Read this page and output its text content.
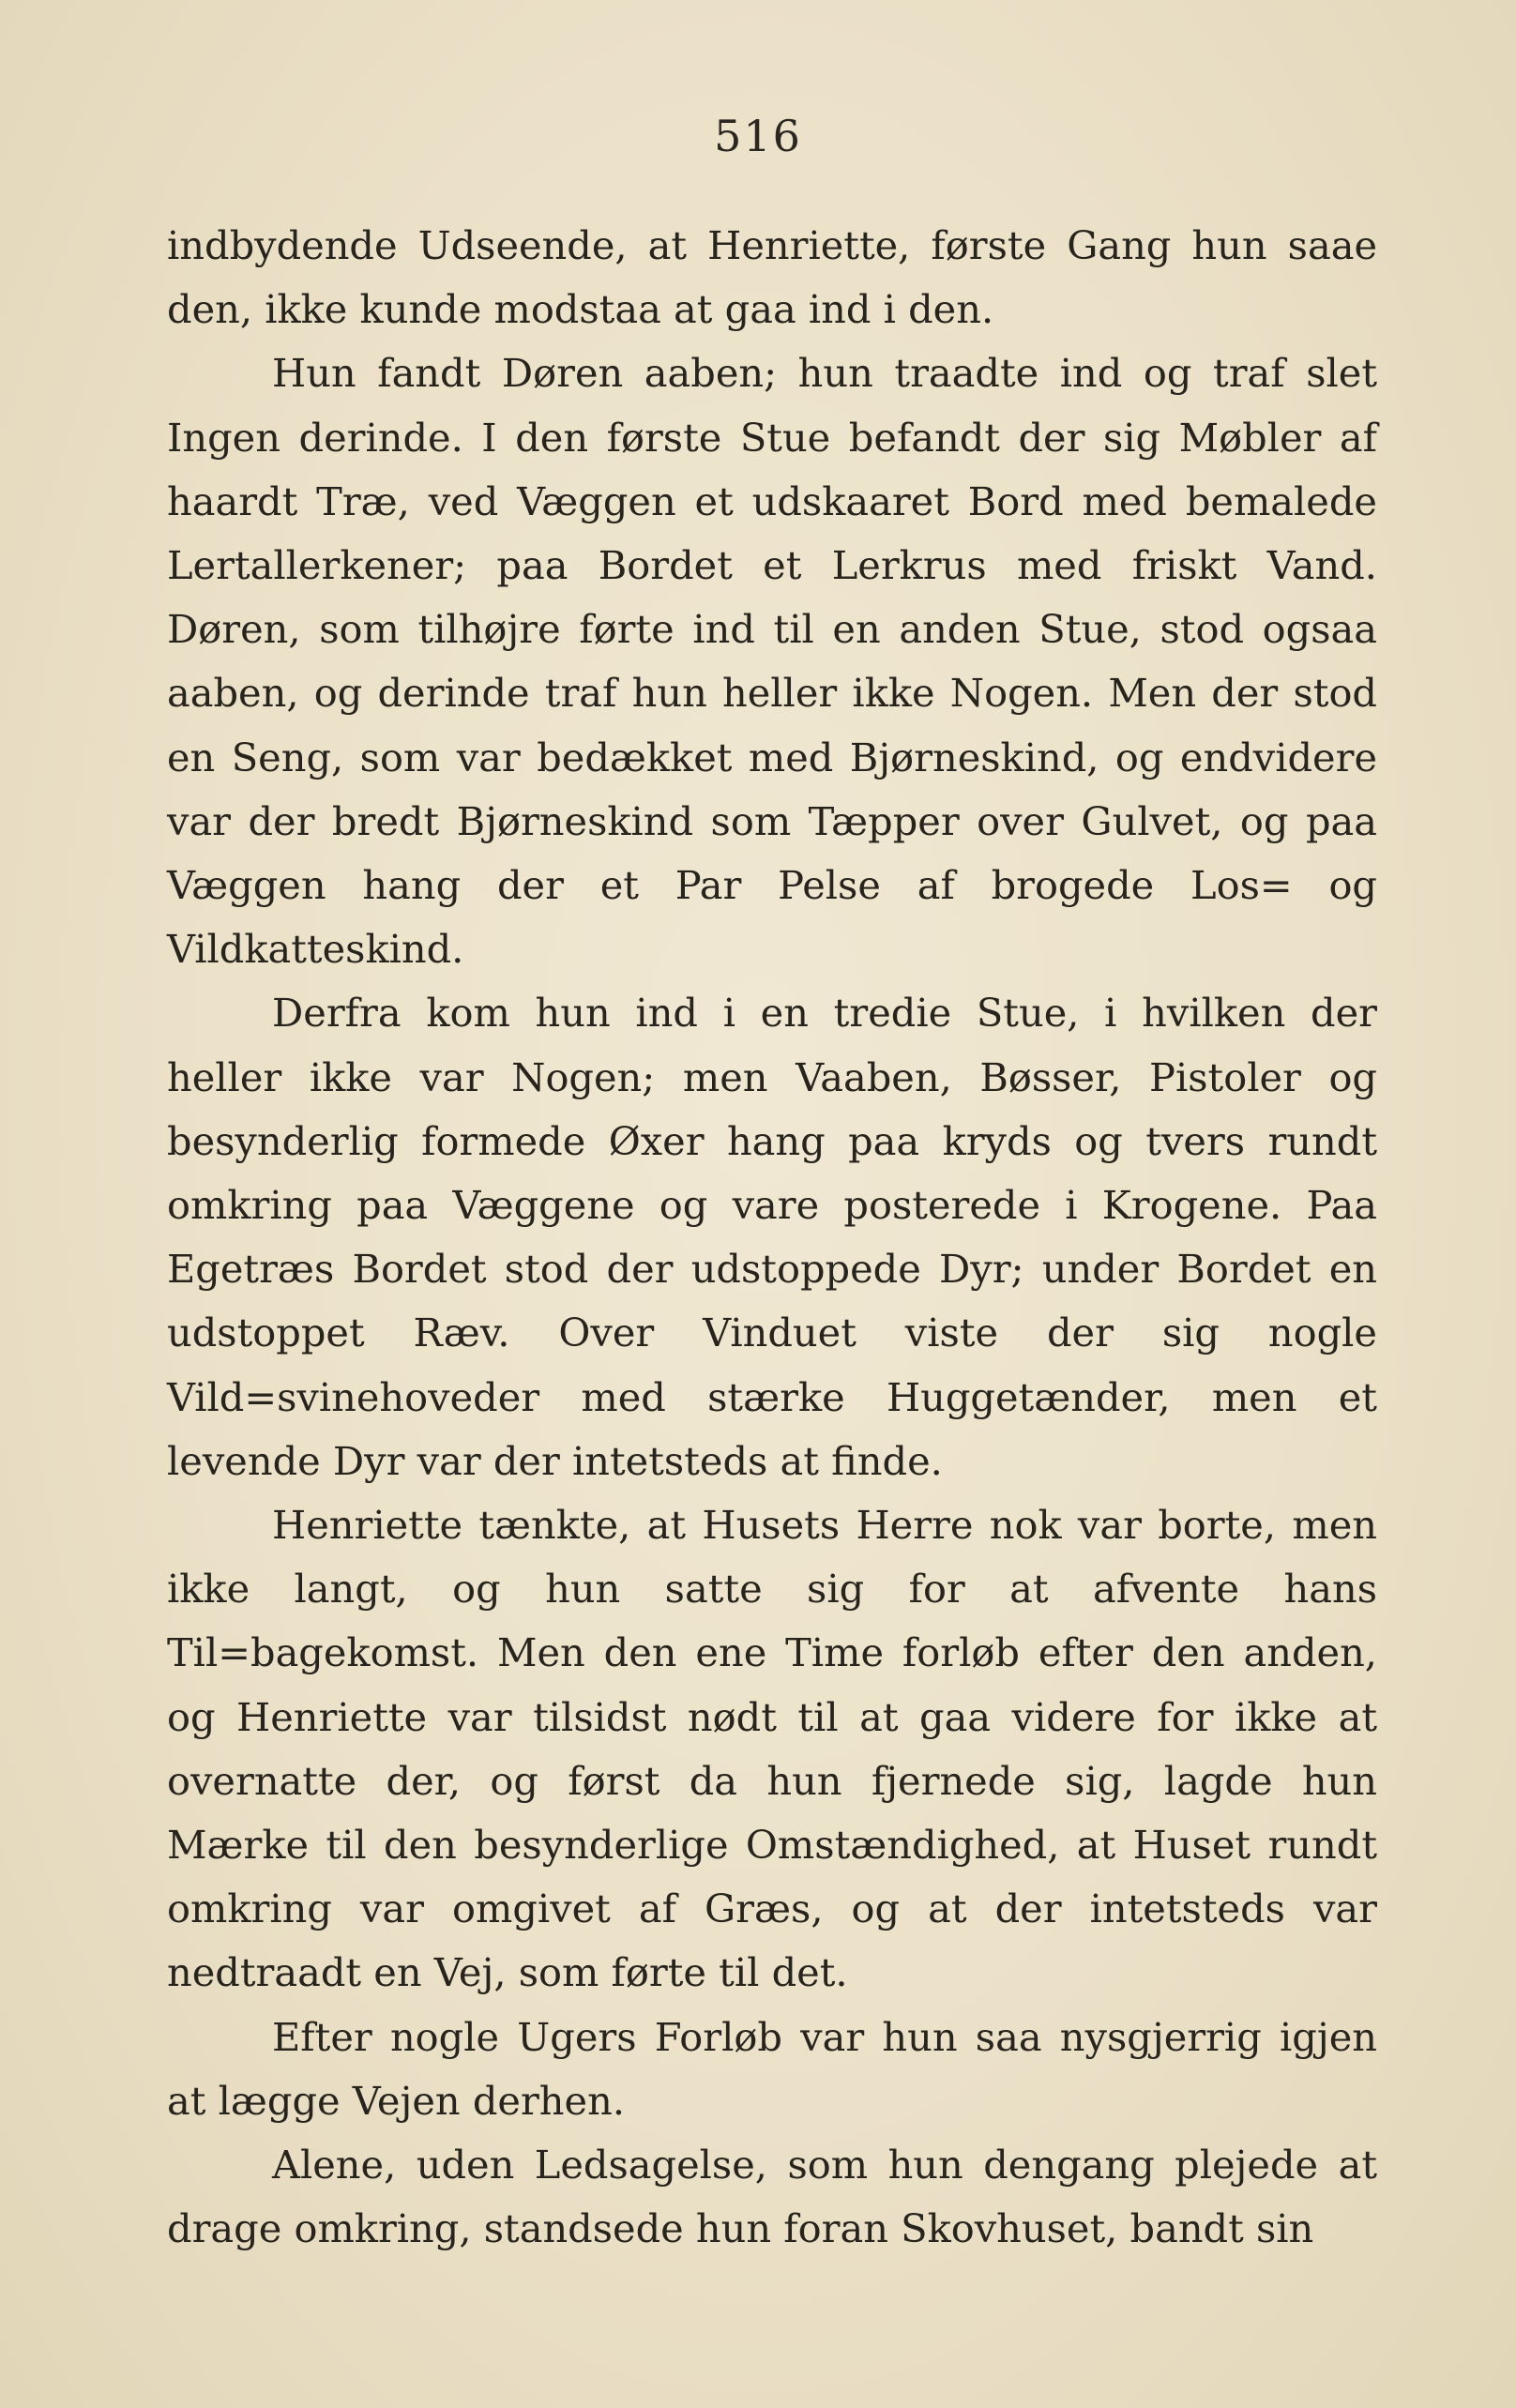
516

indbydende Udseende, at Henriette, første Gang hun saae den, ikke kunde modstaa at gaa ind i den.

Hun fandt Døren aaben; hun traadte ind og traf slet Ingen derinde. I den første Stue befandt der sig Møbler af haardt Træ, ved Væggen et udskaaret Bord med bemalede Lertallerkener; paa Bordet et Lerkrus med friskt Vand. Døren, som tilhøjre førte ind til en anden Stue, stod ogsaa aaben, og derinde traf hun heller ikke Nogen. Men der stod en Seng, som var bedækket med Bjørneskind, og endvidere var der bredt Bjørneskind som Tæpper over Gulvet, og paa Væggen hang der et Par Pelse af brogede Los= og Vildkatteskind.

Derfra kom hun ind i en tredie Stue, i hvilken der heller ikke var Nogen; men Vaaben, Bøsser, Pistoler og besynderlig formede Øxer hang paa kryds og tvers rundt omkring paa Væggene og vare posterede i Krogene. Paa Egetræs Bordet stod der udstoppede Dyr; under Bordet en udstoppet Ræv. Over Vinduet viste der sig nogle Vild=svinehoveder med stærke Huggetænder, men et levende Dyr var der intetsteds at finde.

Henriette tænkte, at Husets Herre nok var borte, men ikke langt, og hun satte sig for at afvente hans Til=bagekomst. Men den ene Time forløb efter den anden, og Henriette var tilsidst nødt til at gaa videre for ikke at overnatte der, og først da hun fjernede sig, lagde hun Mærke til den besynderlige Omstændighed, at Huset rundt omkring var omgivet af Græs, og at der intetsteds var nedtraadt en Vej, som førte til det.

Efter nogle Ugers Forløb var hun saa nysgjerrig igjen at lægge Vejen derhen.

Alene, uden Ledsagelse, som hun dengang plejede at drage omkring, standsede hun foran Skovhuset, bandt sin
